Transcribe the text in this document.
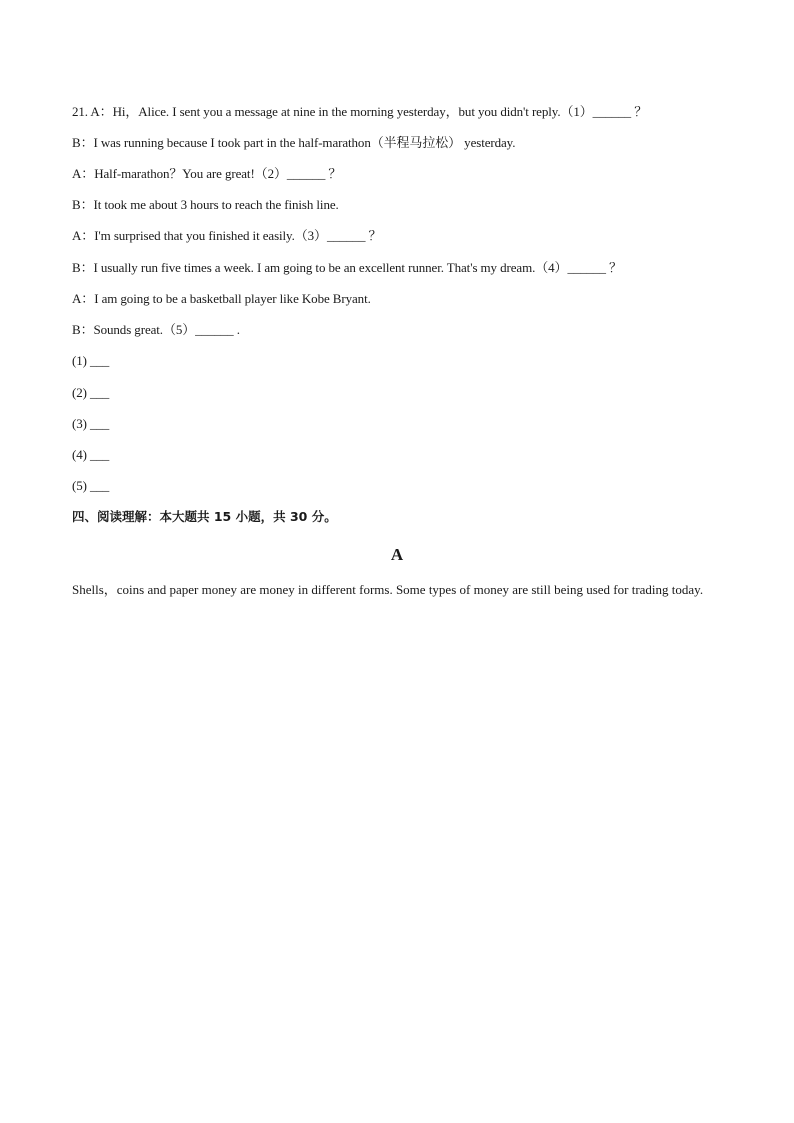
21. A：Hi，Alice. I sent you a message at nine in the morning yesterday，but you didn't reply.（1）______ ？
B：I was running because I took part in the half-marathon（半程马拉松） yesterday.
A：Half-marathon？You are great!（2）______ ？
B：It took me about 3 hours to reach the finish line.
A：I'm surprised that you finished it easily.（3）______ ？
B：I usually run five times a week. I am going to be an excellent runner. That's my dream.（4）______ ？
A：I am going to be a basketball player like Kobe Bryant.
B：Sounds great.（5）______ .
(1) ___
(2) ___
(3) ___
(4) ___
(5) ___
四、阅读理解：本大题共 15 小题，共 30 分。
A
Shells，coins and paper money are money in different forms. Some types of money are still being used for trading today.
